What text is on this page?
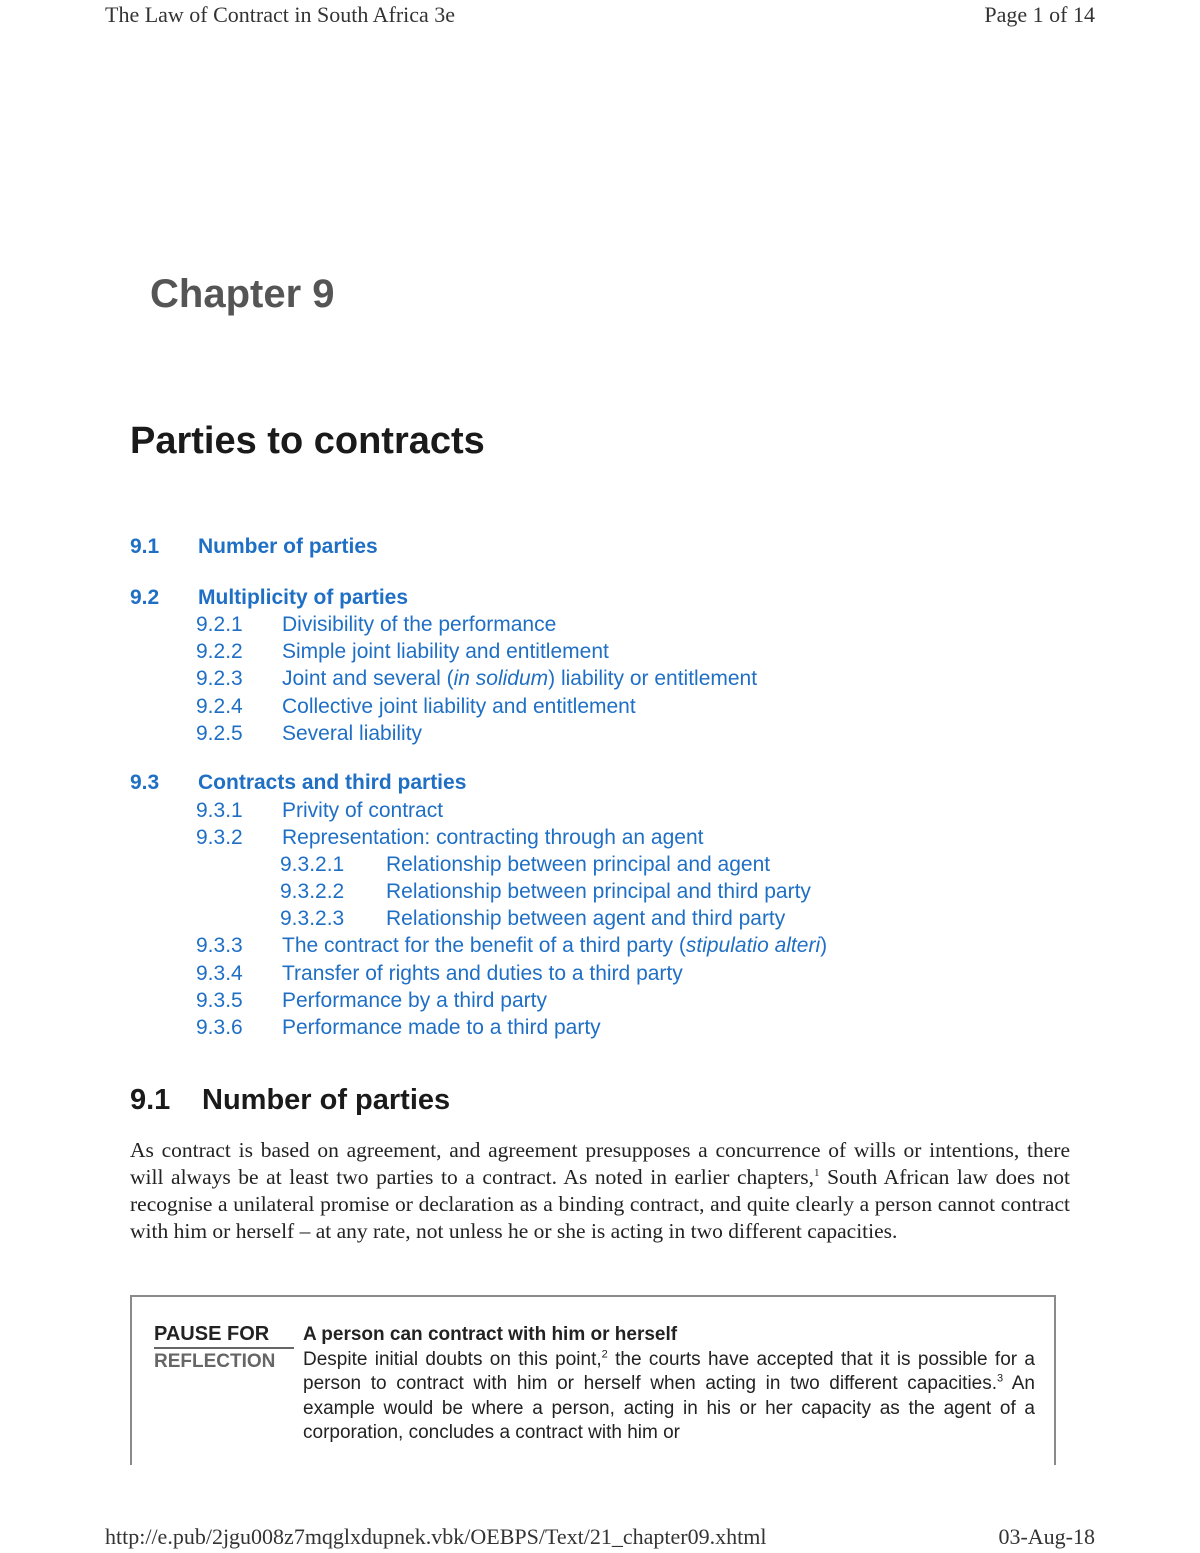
The Law of Contract in South Africa 3e	Page 1 of 14
Chapter 9
Parties to contracts
9.1 Number of parties
9.2 Multiplicity of parties
9.2.1 Divisibility of the performance
9.2.2 Simple joint liability and entitlement
9.2.3 Joint and several (in solidum) liability or entitlement
9.2.4 Collective joint liability and entitlement
9.2.5 Several liability
9.3 Contracts and third parties
9.3.1 Privity of contract
9.3.2 Representation: contracting through an agent
9.3.2.1 Relationship between principal and agent
9.3.2.2 Relationship between principal and third party
9.3.2.3 Relationship between agent and third party
9.3.3 The contract for the benefit of a third party (stipulatio alteri)
9.3.4 Transfer of rights and duties to a third party
9.3.5 Performance by a third party
9.3.6 Performance made to a third party
9.1 Number of parties
As contract is based on agreement, and agreement presupposes a concurrence of wills or intentions, there will always be at least two parties to a contract. As noted in earlier chapters,$^1$ South African law does not recognise a unilateral promise or declaration as a binding contract, and quite clearly a person cannot contract with him or herself – at any rate, not unless he or she is acting in two different capacities.
PAUSE FOR
REFLECTION
A person can contract with him or herself
Despite initial doubts on this point,$^2$ the courts have accepted that it is possible for a person to contract with him or herself when acting in two different capacities.$^3$ An example would be where a person, acting in his or her capacity as the agent of a corporation, concludes a contract with him or
http://e.pub/2jgu008z7mqglxdupnek.vbk/OEBPS/Text/21_chapter09.xhtml	03-Aug-18
